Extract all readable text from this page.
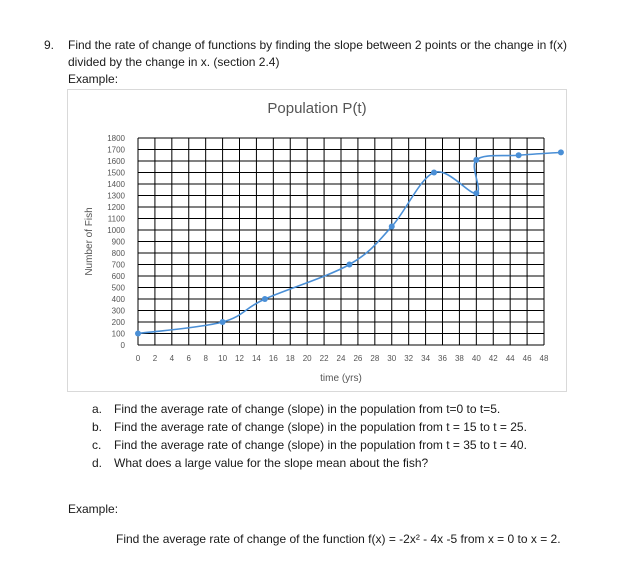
9. Find the rate of change of functions by finding the slope between 2 points or the change in f(x)
divided by the change in x. (section 2.4)
Example:
Population P(t)
0
100
200
300
400
500
600
700
800
900
1000
1100
1200
1300
1400
1500
1600
1700
1800
0 2 4 6 8 10 12 14 16 18 20 22 24 26 28 30 32 34 36 38 40 42 44 46 48
time (yrs)
Number of Fish
a. Find the average rate of change (slope) in the population from t=0 to t=5.
b. Find the average rate of change (slope) in the population from t = 15 to t = 25.
c.	Find the average rate of change (slope) in the population from t = 35 to t = 40.
d. What does a large value for the slope mean about the fish?
Example:
Find the average rate of change of the function f(x) = -2x² - 4x -5 from x = 0 to x = 2.
